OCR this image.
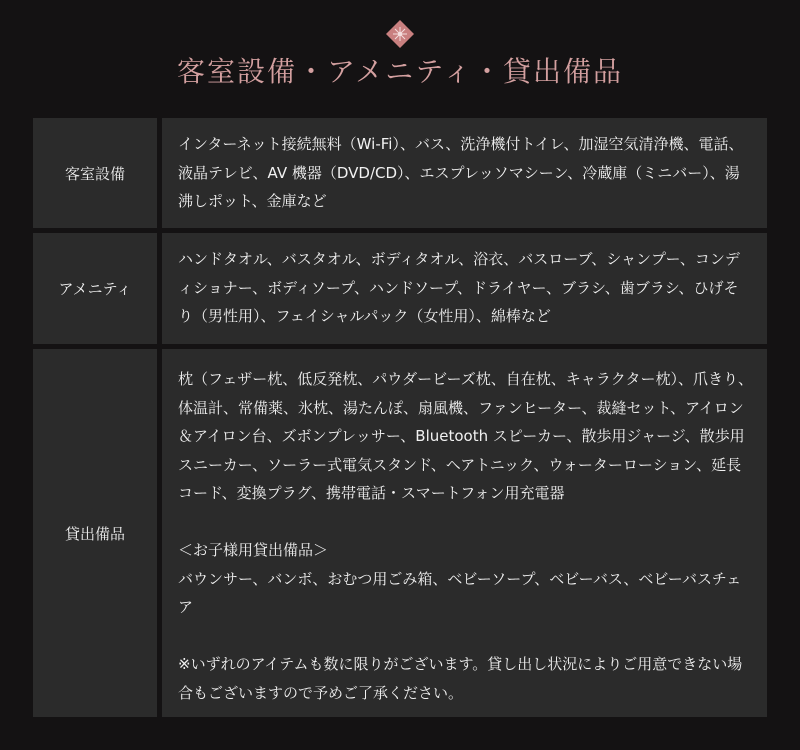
客室設備・アメニティ・貸出備品
客室設備

インターネット接続無料（Wi-Fi）、バス、洗浄機付トイレ、加湿空気清浄機、電話、液晶テレビ、AV 機器（DVD/CD）、エスプレッソマシーン、冷蔵庫（ミニバー）、湯沸しポット、金庫など

アメニティ

ハンドタオル、バスタオル、ボディタオル、浴衣、バスローブ、シャンプー、コンディショナー、ボディソープ、ハンドソープ、ドライヤー、ブラシ、歯ブラシ、ひげそり（男性用）、フェイシャルパック（女性用）、綿棒など

貸出備品

枕（フェザー枕、低反発枕、パウダービーズ枕、自在枕、キャラクター枕）、爪きり、体温計、常備薬、氷枕、湯たんぽ、扇風機、ファンヒーター、裁縫セット、アイロン＆アイロン台、ズボンプレッサー、Bluetooth スピーカー、散歩用ジャージ、散歩用スニーカー、ソーラー式電気スタンド、ヘアトニック、ウォーターローション、延長コード、変換プラグ、携帯電話・スマートフォン用充電器

＜お子様用貸出備品＞

バウンサー、バンボ、おむつ用ごみ箱、ベビーソープ、ベビーバス、ベビーバスチェア

※いずれのアイテムも数に限りがございます。貸し出し状況によりご用意できない場合もございますので予めご了承ください。
